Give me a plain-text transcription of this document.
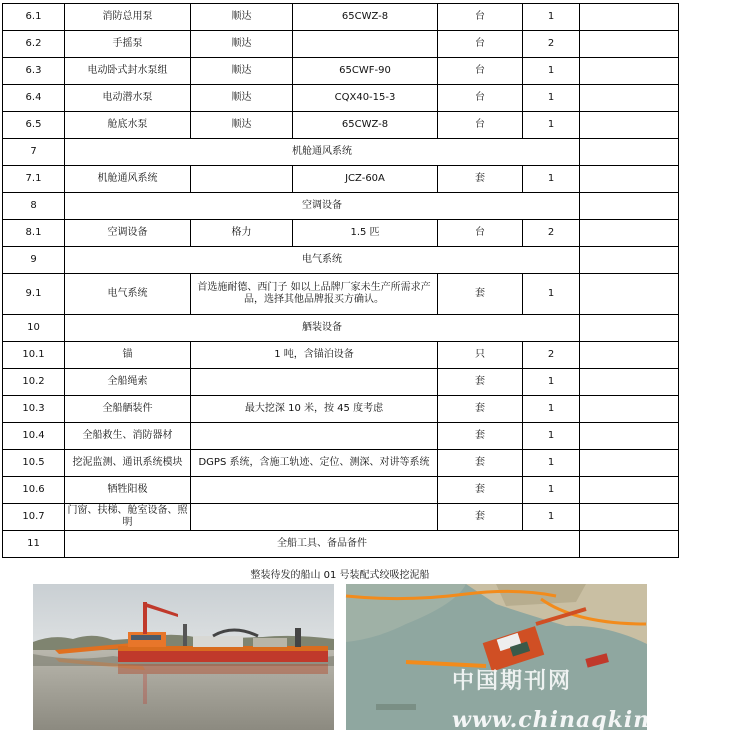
6.1	消防总用泵	顺达	65CWZ-8	台	1	
6.2	手摇泵	顺达		台	2	
6.3	电动卧式封水泵组	顺达	65CWF-90	台	1	
6.4	电动潜水泵	顺达	CQX40-15-3	台	1	
6.5	舱底水泵	顺达	65CWZ-8	台	1	
7	机舱通风系统					
7.1	机舱通风系统		JCZ-60A	套	1	
8	空调设备					
8.1	空调设备	格力	1.5 匹	台	2	
9	电气系统					
9.1	电气系统	首选施耐德、西门子 如以上品牌厂家未生产所需求产品，选择其他品牌报买方确认。		套	1	
10	舾装设备					
10.1	锚	1 吨，含锚泊设备		只	2	
10.2	全船绳索			套	1	
10.3	全船舾装件	最大挖深 10 米，按 45 度考虑		套	1	
10.4	全船救生、消防器材			套	1	
10.5	挖泥监测、通讯系统模块	DGPS 系统，含施工轨迹、定位、测深、对讲等系统		套	1	
10.6	牺牲阳极			套	1	
10.7	门窗、扶梯、舱室设备、照明			套	1	
11	全船工具、备品备件					
整装待发的船山 01 号装配式绞吸挖泥船
中国期刊网
www.chinaqking.com
